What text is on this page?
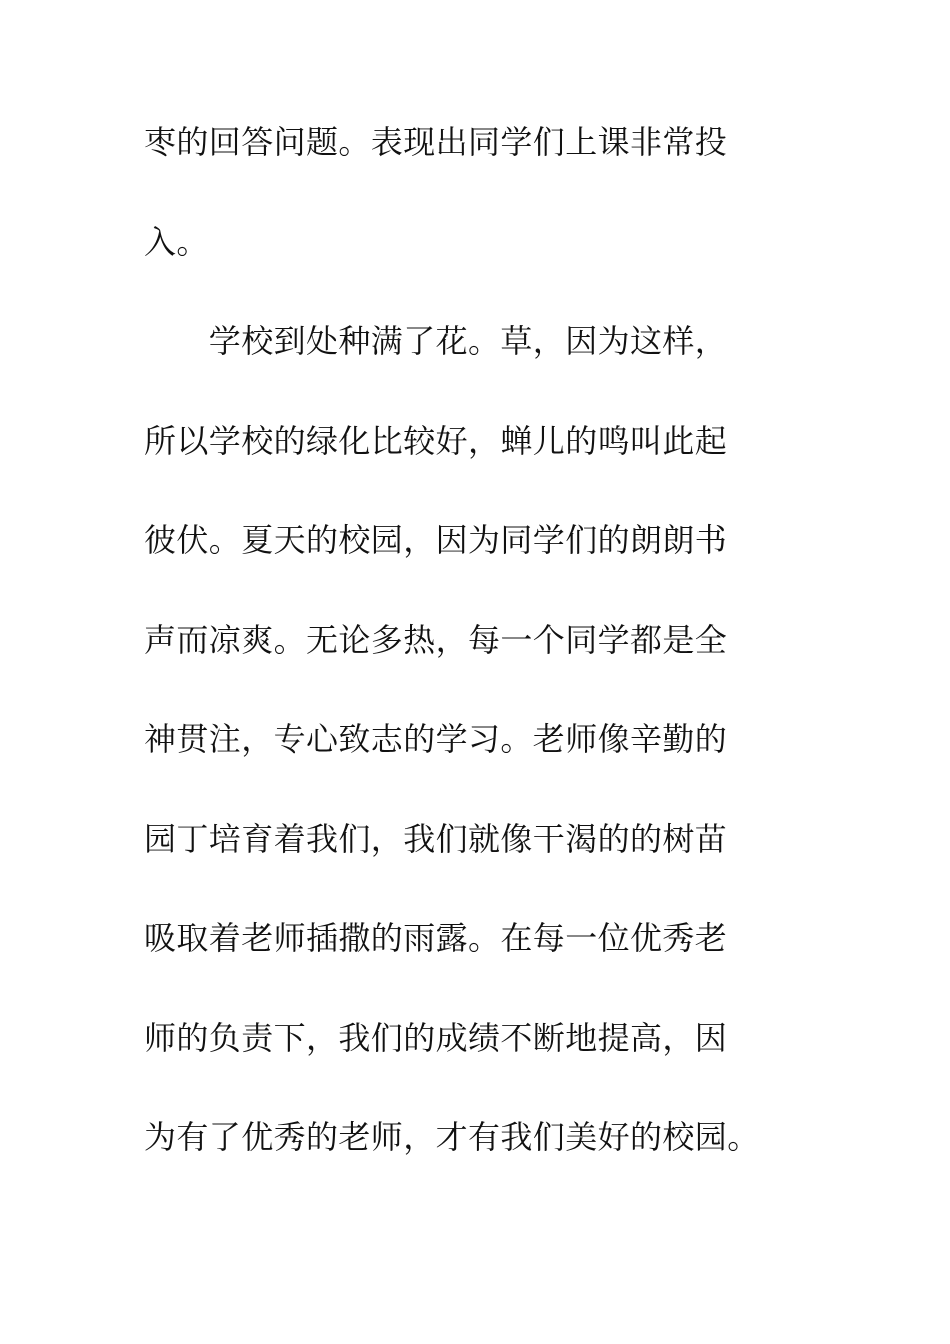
枣的回答问题。表现出同学们上课非常投
入。
　　学校到处种满了花。草，因为这样，
所以学校的绿化比较好，蝉儿的鸣叫此起
彼伏。夏天的校园，因为同学们的朗朗书
声而凉爽。无论多热，每一个同学都是全
神贯注，专心致志的学习。老师像辛勤的
园丁培育着我们，我们就像干渴的的树苗
吸取着老师插撒的雨露。在每一位优秀老
师的负责下，我们的成绩不断地提高，因
为有了优秀的老师，才有我们美好的校园。
